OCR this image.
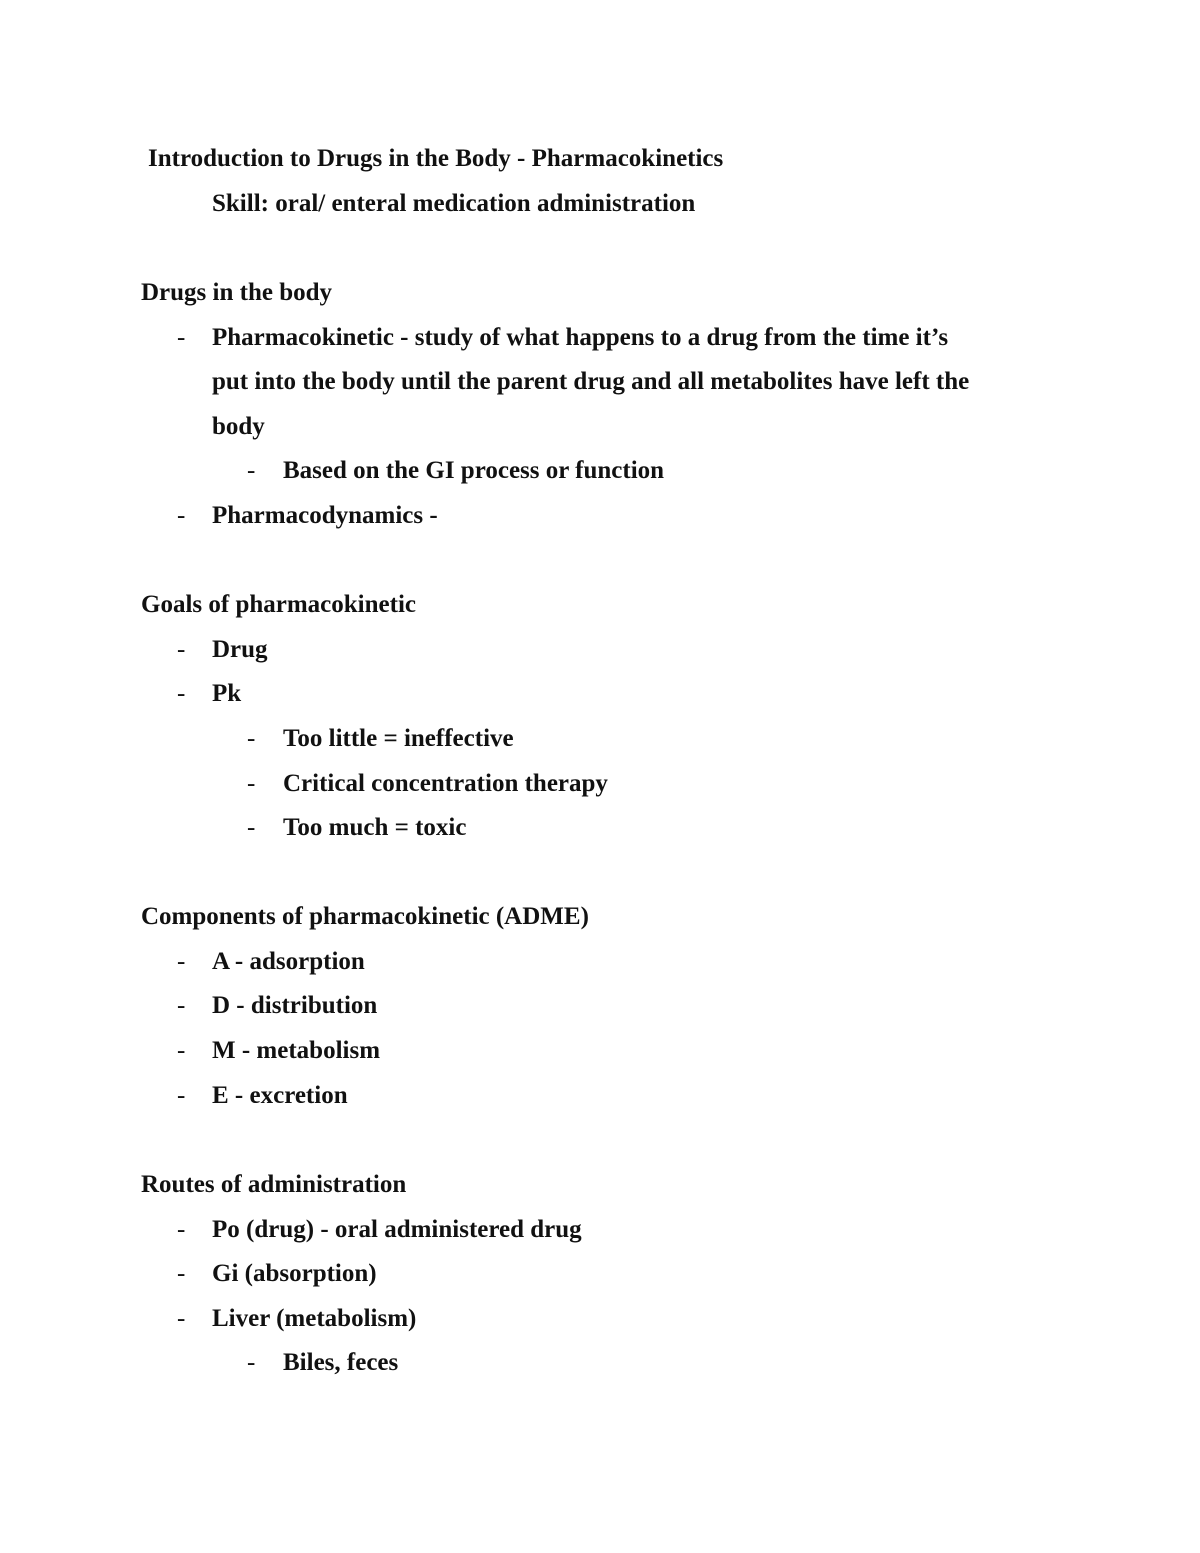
Introduction to Drugs in the Body - Pharmacokinetics
Skill: oral/ enteral medication administration
Drugs in the body
- Pharmacokinetic - study of what happens to a drug from the time it’s
put into the body until the parent drug and all metabolites have left the
body
- Based on the GI process or function
- Pharmacodynamics -
Goals of pharmacokinetic
- Drug
- Pk
- Too little = ineffective
- Critical concentration therapy
- Too much = toxic
Components of pharmacokinetic (ADME)
- A - adsorption
- D - distribution
- M - metabolism
- E - excretion
Routes of administration
- Po (drug) - oral administered drug
- Gi (absorption)
- Liver (metabolism)
- Biles, feces
